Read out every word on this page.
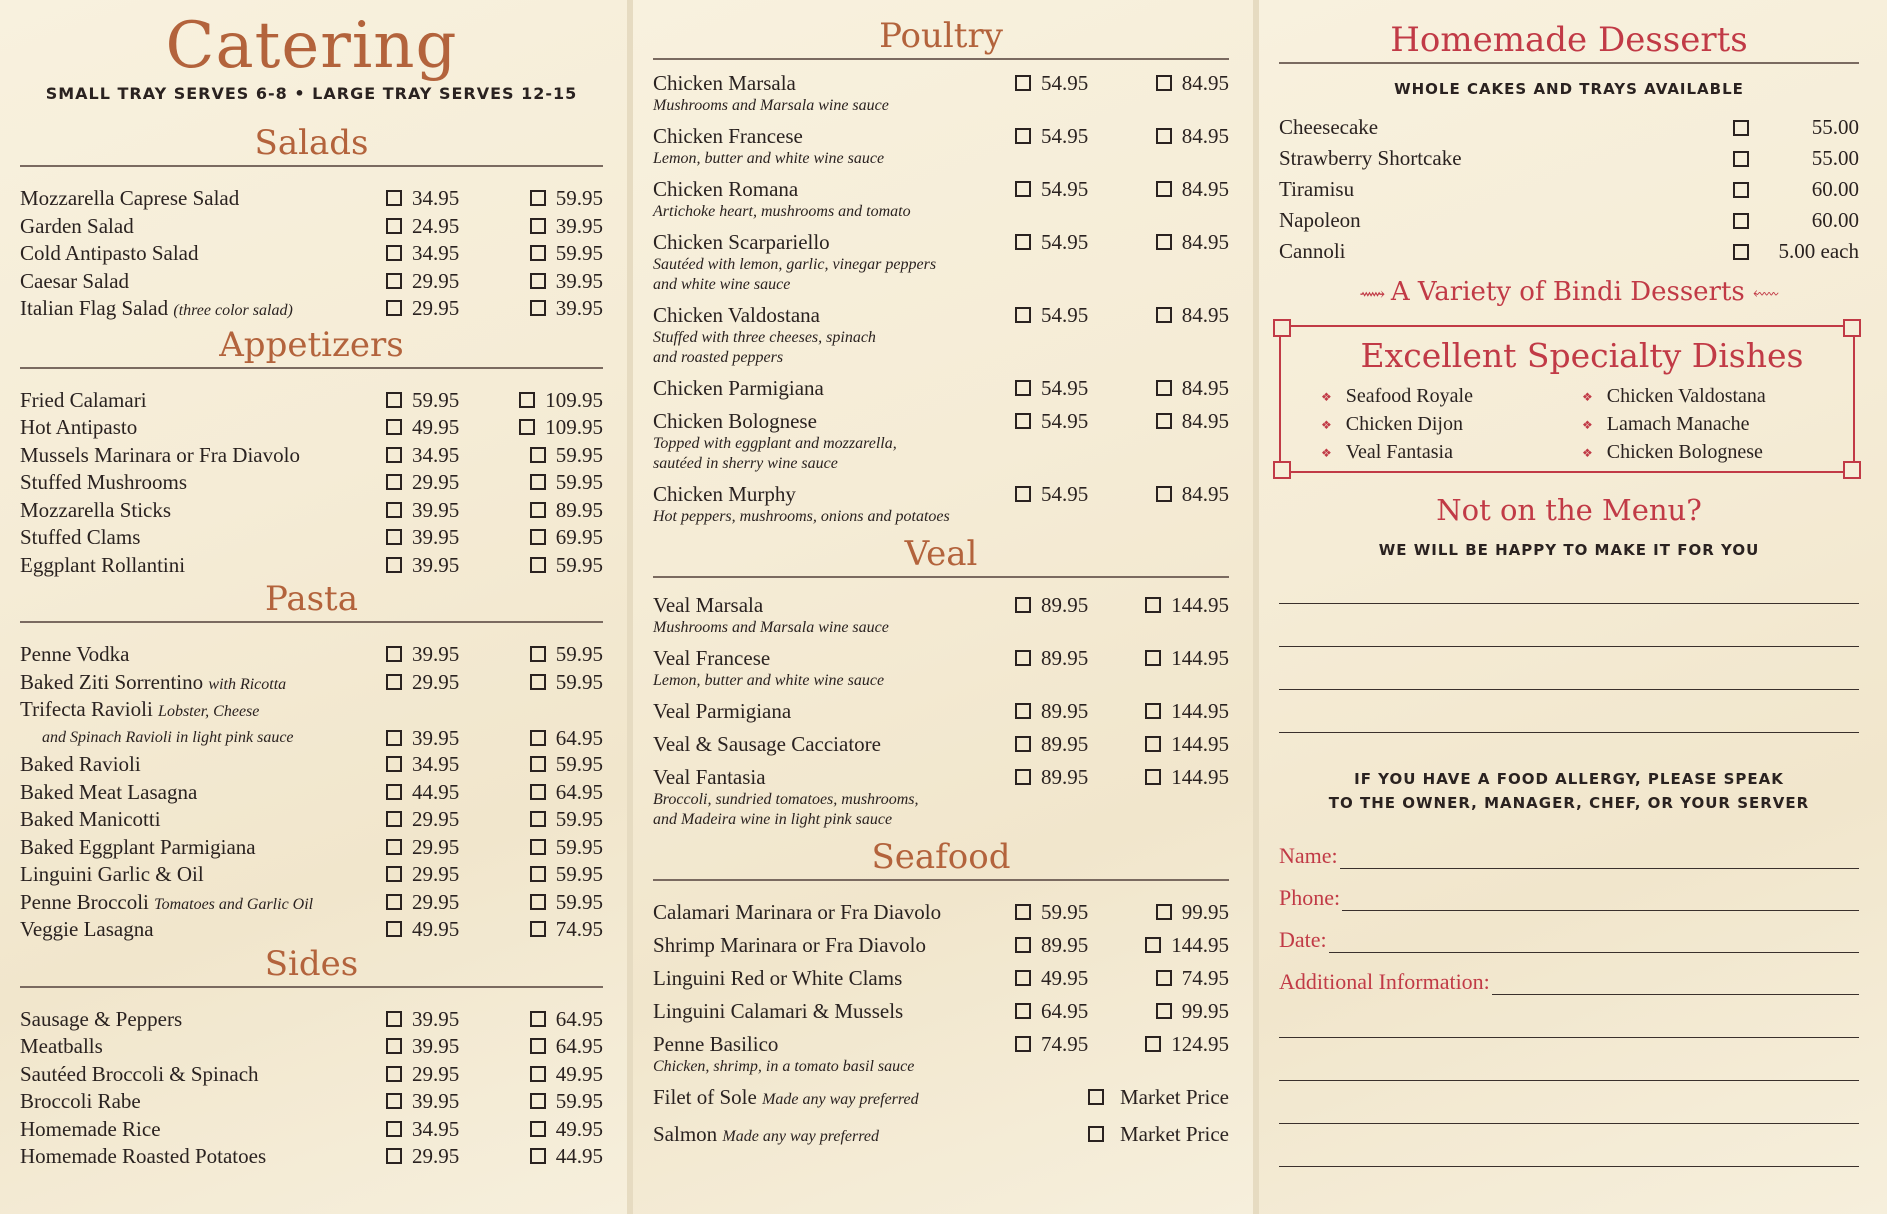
Catering
SMALL TRAY SERVES 6-8 • LARGE TRAY SERVES 12-15
Salads
Mozzarella Caprese Salad	34.95	59.95
Garden Salad	24.95	39.95
Cold Antipasto Salad	34.95	59.95
Caesar Salad	29.95	39.95
Italian Flag Salad (three color salad)	29.95	39.95
Appetizers
Fried Calamari	59.95	109.95
Hot Antipasto	49.95	109.95
Mussels Marinara or Fra Diavolo	34.95	59.95
Stuffed Mushrooms	29.95	59.95
Mozzarella Sticks	39.95	89.95
Stuffed Clams	39.95	69.95
Eggplant Rollantini	39.95	59.95
Pasta
Penne Vodka	39.95	59.95
Baked Ziti Sorrentino with Ricotta	29.95	59.95
Trifecta Ravioli Lobster, Cheese
and Spinach Ravioli in light pink sauce	39.95	64.95
Baked Ravioli	34.95	59.95
Baked Meat Lasagna	44.95	64.95
Baked Manicotti	29.95	59.95
Baked Eggplant Parmigiana	29.95	59.95
Linguini Garlic & Oil	29.95	59.95
Penne Broccoli Tomatoes and Garlic Oil	29.95	59.95
Veggie Lasagna	49.95	74.95
Sides
Sausage & Peppers	39.95	64.95
Meatballs	39.95	64.95
Sautéed Broccoli & Spinach	29.95	49.95
Broccoli Rabe	39.95	59.95
Homemade Rice	34.95	49.95
Homemade Roasted Potatoes	29.95	44.95
Poultry
Chicken Marsala
Mushrooms and Marsala wine sauce
54.95	84.95
Chicken Francese
Lemon, butter and white wine sauce
54.95	84.95
Chicken Romana
Artichoke heart, mushrooms and tomato
54.95	84.95
Chicken Scarpariello
Sautéed with lemon, garlic, vinegar peppers
and white wine sauce
54.95	84.95
Chicken Valdostana
Stuffed with three cheeses, spinach
and roasted peppers
54.95	84.95
Chicken Parmigiana	54.95	84.95
Chicken Bolognese
Topped with eggplant and mozzarella,
sautéed in sherry wine sauce
54.95	84.95
Chicken Murphy
Hot peppers, mushrooms, onions and potatoes
54.95	84.95
Veal
Veal Marsala
Mushrooms and Marsala wine sauce
89.95	144.95
Veal Francese
Lemon, butter and white wine sauce
89.95	144.95
Veal Parmigiana	89.95	144.95
Veal & Sausage Cacciatore	89.95	144.95
Veal Fantasia
Broccoli, sundried tomatoes, mushrooms,
and Madeira wine in light pink sauce
89.95	144.95
Seafood
Calamari Marinara or Fra Diavolo	59.95	99.95
Shrimp Marinara or Fra Diavolo	89.95	144.95
Linguini Red or White Clams	49.95	74.95
Linguini Calamari & Mussels	64.95	99.95
Penne Basilico
Chicken, shrimp, in a tomato basil sauce
74.95	124.95
Filet of Sole Made any way preferred	Market Price
Salmon Made any way preferred	Market Price
Homemade Desserts
WHOLE CAKES AND TRAYS AVAILABLE
Cheesecake	55.00
Strawberry Shortcake	55.00
Tiramisu	60.00
Napoleon	60.00
Cannoli	5.00 each
⟿ A Variety of Bindi Desserts ⬳
Excellent Specialty Dishes
❖ Seafood Royale	❖ Chicken Valdostana
❖ Chicken Dijon	❖ Lamach Manache
❖ Veal Fantasia	❖ Chicken Bolognese
Not on the Menu?
WE WILL BE HAPPY TO MAKE IT FOR YOU
IF YOU HAVE A FOOD ALLERGY, PLEASE SPEAK
TO THE OWNER, MANAGER, CHEF, OR YOUR SERVER
Name:
Phone:
Date:
Additional Information:
